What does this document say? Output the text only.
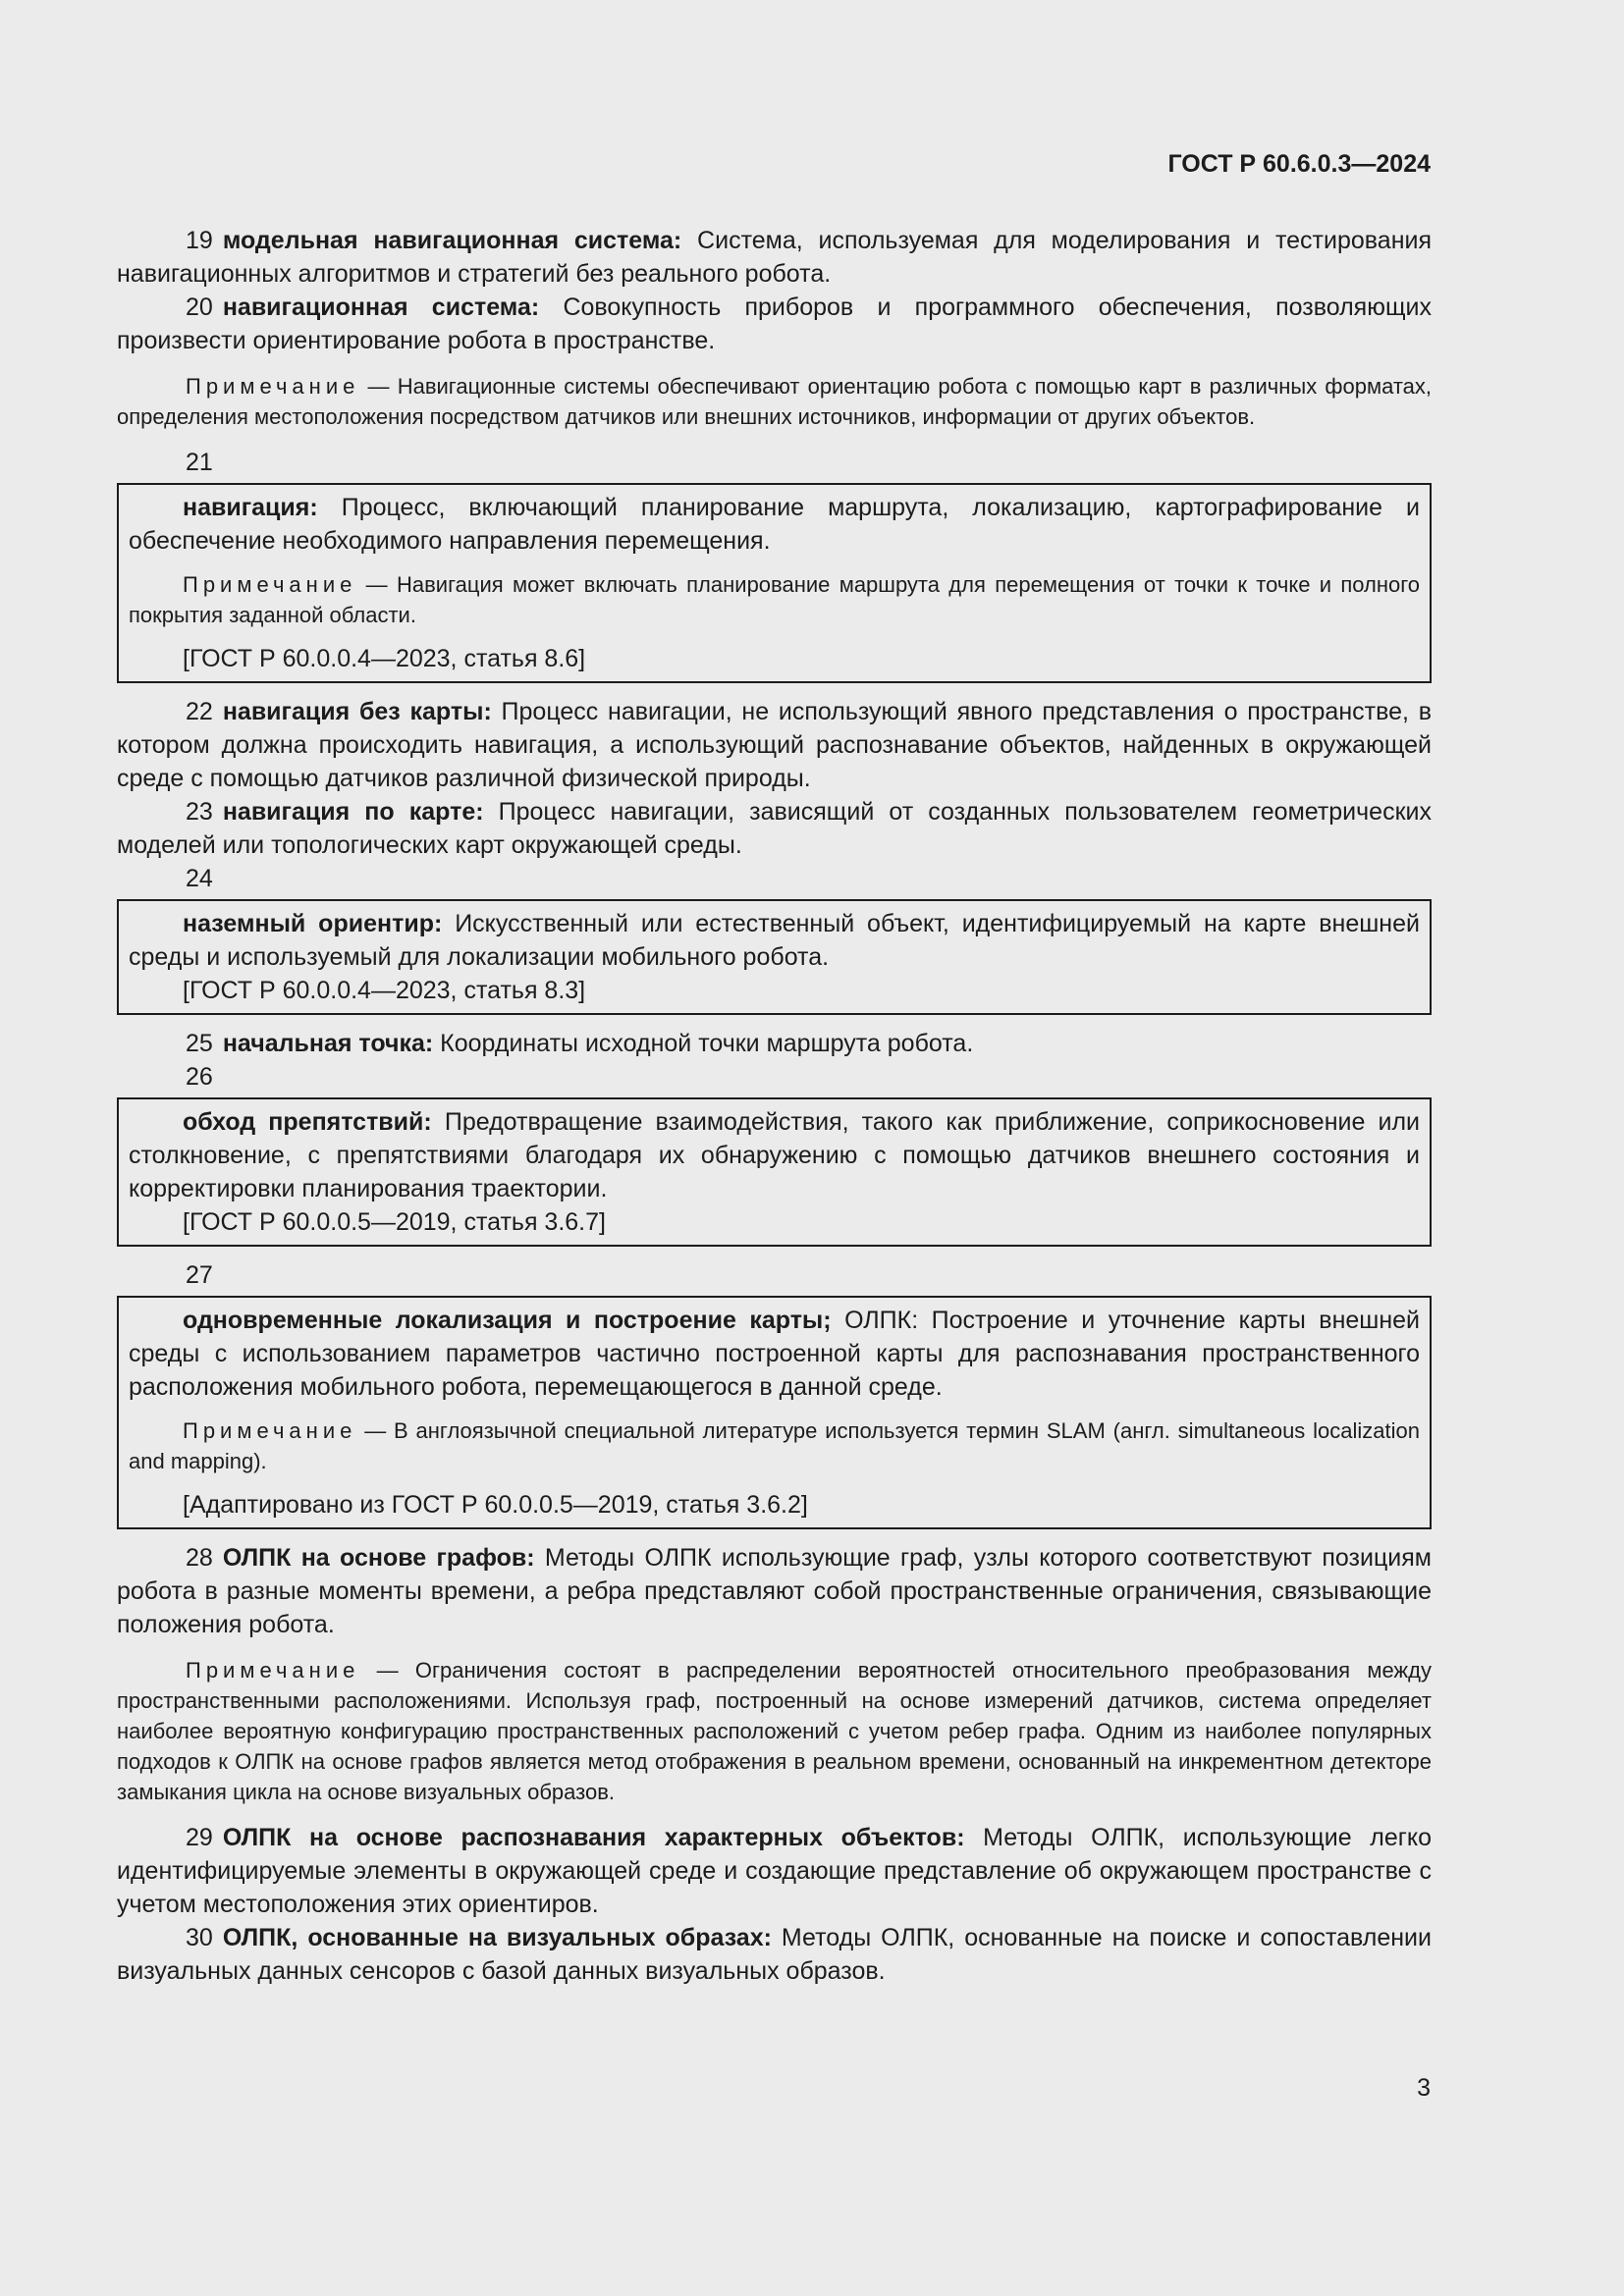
ГОСТ Р 60.6.0.3—2024

19 модельная навигационная система: Система, используемая для моделирования и тестирования навигационных алгоритмов и стратегий без реального робота.

20 навигационная система: Совокупность приборов и программного обеспечения, позволяющих произвести ориентирование робота в пространстве.

Примечание — Навигационные системы обеспечивают ориентацию робота с помощью карт в различных форматах, определения местоположения посредством датчиков или внешних источников, информации от других объектов.

21

навигация: Процесс, включающий планирование маршрута, локализацию, картографирование и обеспечение необходимого направления перемещения.

Примечание — Навигация может включать планирование маршрута для перемещения от точки к точке и полного покрытия заданной области.

[ГОСТ Р 60.0.0.4—2023, статья 8.6]

22 навигация без карты: Процесс навигации, не использующий явного представления о пространстве, в котором должна происходить навигация, а использующий распознавание объектов, найденных в окружающей среде с помощью датчиков различной физической природы.

23 навигация по карте: Процесс навигации, зависящий от созданных пользователем геометрических моделей или топологических карт окружающей среды.

24

наземный ориентир: Искусственный или естественный объект, идентифицируемый на карте внешней среды и используемый для локализации мобильного робота.

[ГОСТ Р 60.0.0.4—2023, статья 8.3]

25 начальная точка: Координаты исходной точки маршрута робота.

26

обход препятствий: Предотвращение взаимодействия, такого как приближение, соприкосновение или столкновение, с препятствиями благодаря их обнаружению с помощью датчиков внешнего состояния и корректировки планирования траектории.

[ГОСТ Р 60.0.0.5—2019, статья 3.6.7]
27

одновременные локализация и построение карты; ОЛПК: Построение и уточнение карты внешней среды с использованием параметров частично построенной карты для распознавания пространственного расположения мобильного робота, перемещающегося в данной среде.

Примечание — В англоязычной специальной литературе используется термин SLAM (англ. simultaneous localization and mapping).

[Адаптировано из ГОСТ Р 60.0.0.5—2019, статья 3.6.2]

28 ОЛПК на основе графов: Методы ОЛПК использующие граф, узлы которого соответствуют позициям робота в разные моменты времени, а ребра представляют собой пространственные ограничения, связывающие положения робота.

Примечание — Ограничения состоят в распределении вероятностей относительного преобразования между пространственными расположениями. Используя граф, построенный на основе измерений датчиков, система определяет наиболее вероятную конфигурацию пространственных расположений с учетом ребер графа. Одним из наиболее популярных подходов к ОЛПК на основе графов является метод отображения в реальном времени, основанный на инкрементном детекторе замыкания цикла на основе визуальных образов.

29 ОЛПК на основе распознавания характерных объектов: Методы ОЛПК, использующие легко идентифицируемые элементы в окружающей среде и создающие представление об окружающем пространстве с учетом местоположения этих ориентиров.

30 ОЛПК, основанные на визуальных образах: Методы ОЛПК, основанные на поиске и сопоставлении визуальных данных сенсоров с базой данных визуальных образов.

3
